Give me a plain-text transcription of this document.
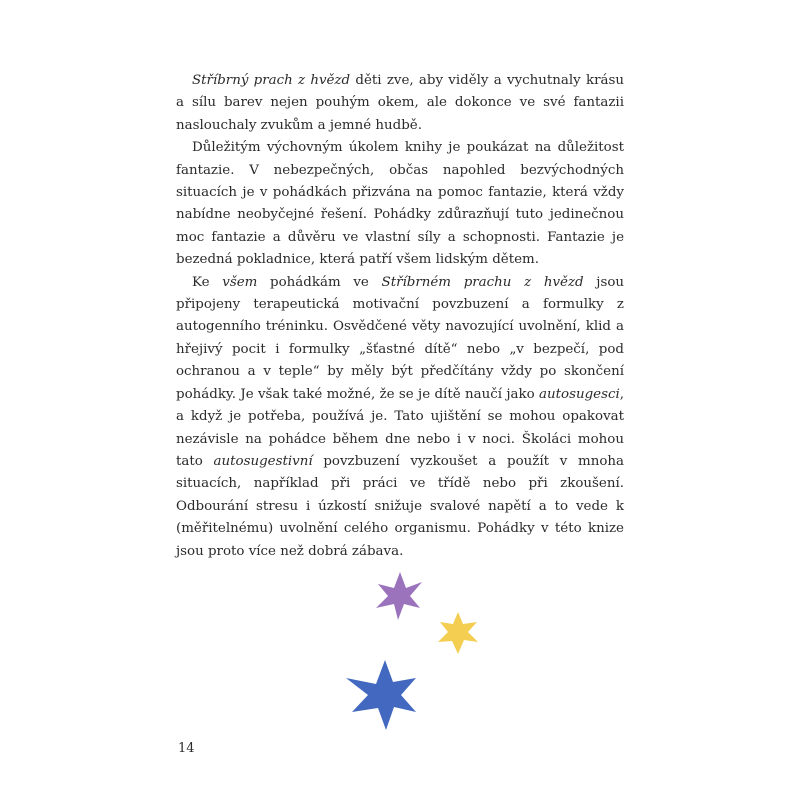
Stříbrný prach z hvězd děti zve, aby viděly a vychutnaly krásu a sílu barev nejen pouhým okem, ale dokonce ve své fantazii naslouchaly zvukům a jemné hudbě.

Důležitým výchovným úkolem knihy je poukázat na důležitost fantazie. V nebezpečných, občas napohled bezvýchodných situacích je v pohádkách přizvána na pomoc fantazie, která vždy nabídne neobyčejné řešení. Pohádky zdůrazňují tuto jedinečnou moc fantazie a důvěru ve vlastní síly a schopnosti. Fantazie je bezedná pokladnice, která patří všem lidským dětem.

Ke všem pohádkám ve Stříbrném prachu z hvězd jsou připojeny terapeutická motivační povzbuzení a formulky z autogenního tréninku. Osvědčené věty navozující uvolnění, klid a hřejivý pocit i formulky „šťastné dítě“ nebo „v bezpečí, pod ochranou a v teple“ by měly být předčítány vždy po skončení pohádky. Je však také možné, že se je dítě naučí jako autosugesci, a když je potřeba, používá je. Tato ujištění se mohou opakovat nezávisle na pohádce během dne nebo i v noci. Školáci mohou tato autosugestivní povzbuzení vyzkoušet a použít v mnoha situacích, například při práci ve třídě nebo při zkoušení. Odbourání stresu i úzkostí snižuje svalové napětí a to vede k (měřitelnému) uvolnění celého organismu. Pohádky v této knize jsou proto více než dobrá zábava.

14
